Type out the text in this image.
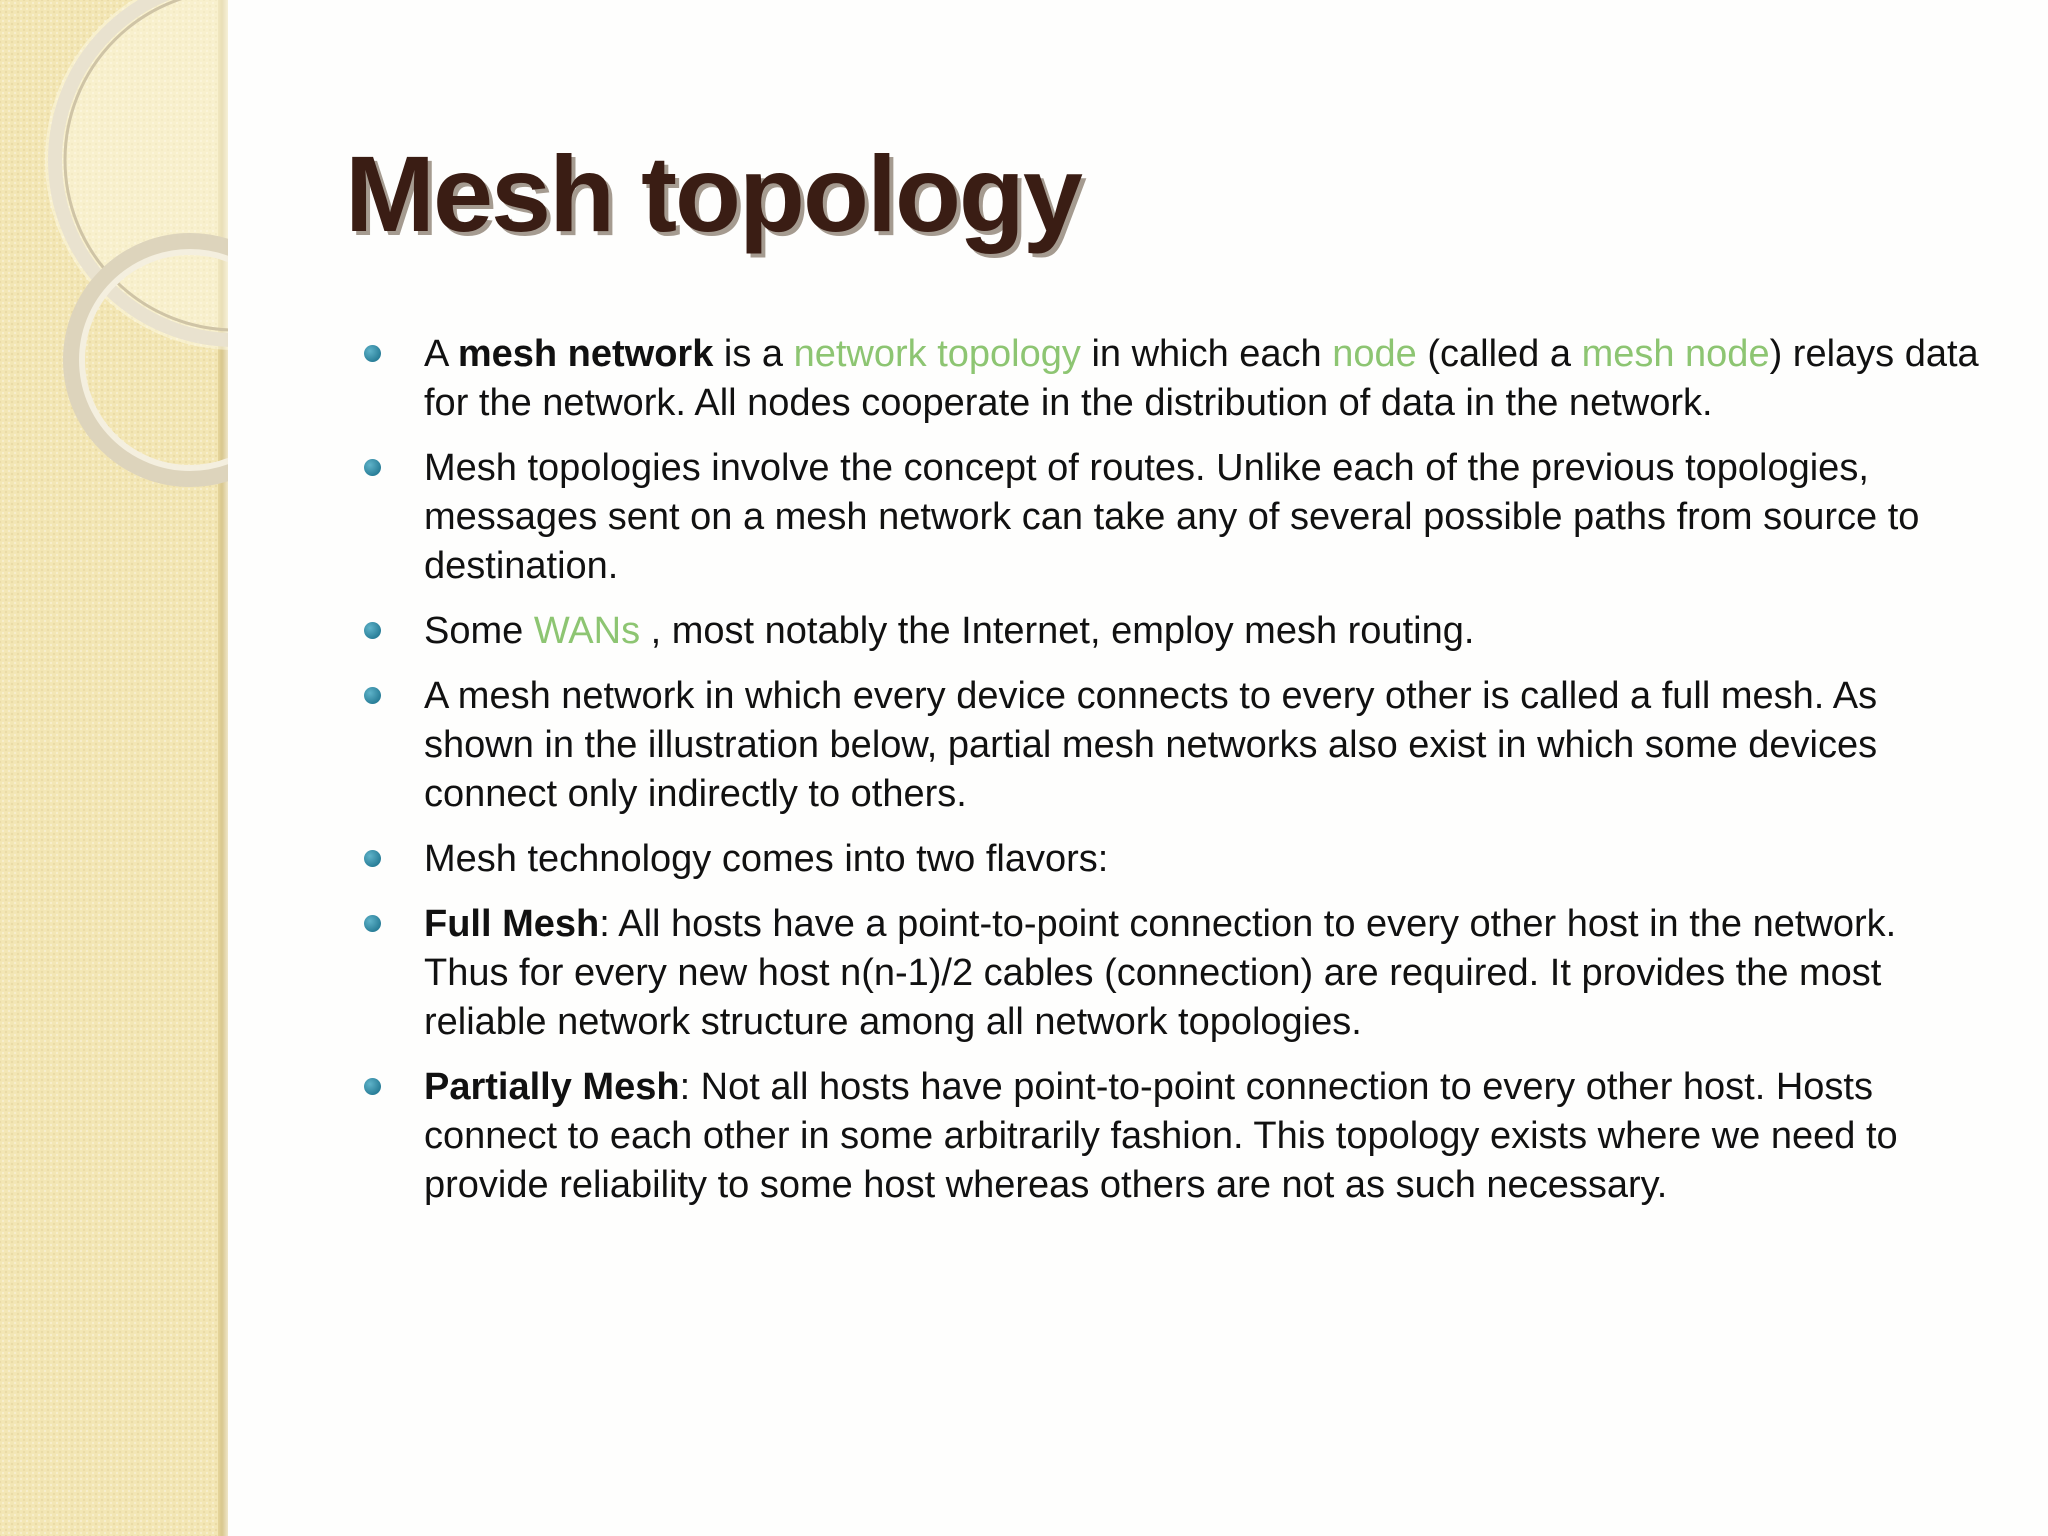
Mesh topology
A mesh network is a network topology in which each node (called a mesh node) relays data for the network. All nodes cooperate in the distribution of data in the network.
Mesh topologies involve the concept of routes. Unlike each of the previous topologies, messages sent on a mesh network can take any of several possible paths from source to destination.
Some WANs , most notably the Internet, employ mesh routing.
A mesh network in which every device connects to every other is called a full mesh. As shown in the illustration below, partial mesh networks also exist in which some devices connect only indirectly to others.
Mesh technology comes into two flavors:
Full Mesh: All hosts have a point-to-point connection to every other host in the network. Thus for every new host n(n-1)/2 cables (connection) are required. It provides the most reliable network structure among all network topologies.
Partially Mesh: Not all hosts have point-to-point connection to every other host. Hosts connect to each other in some arbitrarily fashion. This topology exists where we need to provide reliability to some host whereas others are not as such necessary.
